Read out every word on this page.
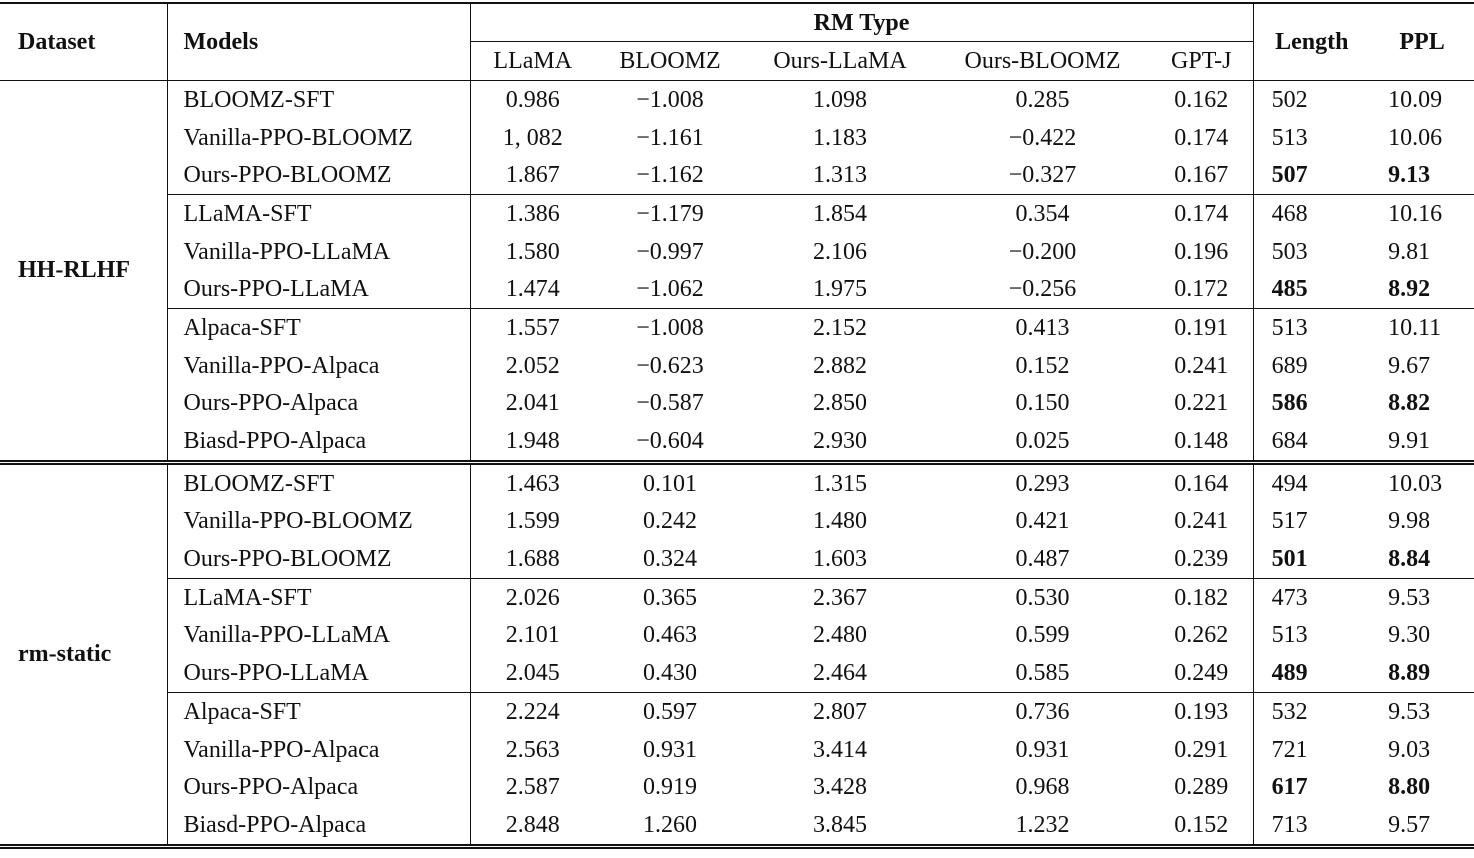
Dataset	Models	RM Type					Length	PPL
		LLaMA	BLOOMZ	Ours-LLaMA	Ours-BLOOMZ	GPT-J		
HH-RLHF	BLOOMZ-SFT	0.986	−1.008	1.098	0.285	0.162	502	10.09
	Vanilla-PPO-BLOOMZ	1, 082	−1.161	1.183	−0.422	0.174	513	10.06
	Ours-PPO-BLOOMZ	1.867	−1.162	1.313	−0.327	0.167	507	9.13
	LLaMA-SFT	1.386	−1.179	1.854	0.354	0.174	468	10.16
	Vanilla-PPO-LLaMA	1.580	−0.997	2.106	−0.200	0.196	503	9.81
	Ours-PPO-LLaMA	1.474	−1.062	1.975	−0.256	0.172	485	8.92
	Alpaca-SFT	1.557	−1.008	2.152	0.413	0.191	513	10.11
	Vanilla-PPO-Alpaca	2.052	−0.623	2.882	0.152	0.241	689	9.67
	Ours-PPO-Alpaca	2.041	−0.587	2.850	0.150	0.221	586	8.82
	Biasd-PPO-Alpaca	1.948	−0.604	2.930	0.025	0.148	684	9.91
rm-static	BLOOMZ-SFT	1.463	0.101	1.315	0.293	0.164	494	10.03
	Vanilla-PPO-BLOOMZ	1.599	0.242	1.480	0.421	0.241	517	9.98
	Ours-PPO-BLOOMZ	1.688	0.324	1.603	0.487	0.239	501	8.84
	LLaMA-SFT	2.026	0.365	2.367	0.530	0.182	473	9.53
	Vanilla-PPO-LLaMA	2.101	0.463	2.480	0.599	0.262	513	9.30
	Ours-PPO-LLaMA	2.045	0.430	2.464	0.585	0.249	489	8.89
	Alpaca-SFT	2.224	0.597	2.807	0.736	0.193	532	9.53
	Vanilla-PPO-Alpaca	2.563	0.931	3.414	0.931	0.291	721	9.03
	Ours-PPO-Alpaca	2.587	0.919	3.428	0.968	0.289	617	8.80
	Biasd-PPO-Alpaca	2.848	1.260	3.845	1.232	0.152	713	9.57
